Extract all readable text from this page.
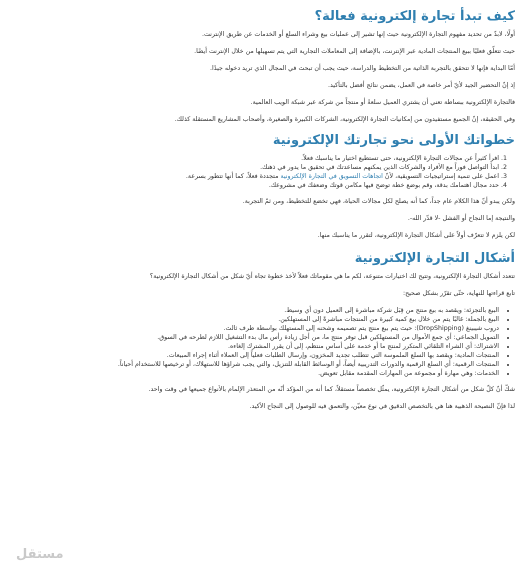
كيف تبدأ تجارة إلكترونية فعالة؟

أولًا، لابدّ من تحديد مفهوم التجارة الإلكترونية حيث إنها تشير إلى عمليات بيع وشراء السلع أو الخدمات عن طريق الإنترنت.

حيث تتعلّق فعليًا ببيع المنتجات المادية عبر الإنترنت، بالإضافة إلى المعاملات التجارية التي يتم تسهيلها من خلال الإنترنت أيضًا.

أمّا البداية فإنها لا تتحقق بالتجربة الذاتية من التخطيط والدراسة، حيث يجب أن تبحث في المجال الذي تريد دخوله جيدًا.

إذ إنّ التحضير الجيد لأيّ أمر خاصة في العمل، يضمن نتائج أفضل بالتأكيد.

فالتجارة الإلكترونية ببساطة تعني أن يشتري العميل سلعةً أو منتجاً من شركة عبر شبكة الويب العالمية.

وفي الحقيقة، إنّ الجميع مستفيدون من إمكانيات التجارة الإلكترونية، الشركات الكبيرة والصغيرة، وأصحاب المشاريع المستقلة كذلك.

خطواتك الأولى نحو تجارتك الإلكترونية
1. افرأ كثيراً عن مجالات التجارة الإلكترونية، حتى تستطيع اختيار ما يناسبك فعلاً.
2. ابدأ التواصل فوراً مع الأفراد والشركات الذين يمكنهم مساعدتك في تحقيق ما يدور في ذهنك.
3. اعمل على تنمية إستراتيجيات التسويقية، لأنّ اتجاهات التسويق في التجارة الإلكترونية متجددة فعلاً، كما أنها تتطور بسرعة.
4. حدد مجال اهتمامك بدقة، وقم بوضع خطة توضح فيها مكامن قوتك وضعفك في مشروعك.

ولكن يبدو أنّ هذا الكلام عام جداً، كما أنه يصلح لكل مجالات الحياة، فهي تخضع للتخطيط، ومن ثمّ التجربة.

والنتيجة إما النجاح أو الفشل -لا قدّر الله-.

لكن يلزم لا تتعرّف أولاً على أشكال التجارة الإلكترونية، لتقرر ما يناسبك منها.

أشكال التجارة الإلكترونية

تتعدد أشكال التجارة الإلكترونية، وتتيح لك اختيارات متنوعة، لكم ما هي مقوماتك فعلاً لأخذ خطوة تجاه أيّ شكل من أشكال التجارة الإلكترونية؟

تابع قراءتها للنهاية، حتّى تقرّر بشكل صحيح:

• البيع بالتجزئة: ويقصد به بيع منتج من قِبَل شركة مباشرة إلى العميل دون أي وسيط.
• البيع بالجملة: غالبًا يتم من خلال بيع كمية كبيرة من المنتجات مباشرةً إلى المستهلكين.
• دروب شيبينغ (DropShipping): حيث يتم بيع منتج يتم تصميمه وشحنه إلى المستهلك بواسطة طرف ثالث.
• التمويل الجماعي: أي جمع الأموال من المستهلكين قبل توفر منتج ما، من أجل زيادة رأس مال بدء التشغيل اللازم لطرحه في السوق.
• الاشتراك: أي الشراء التلقائي المتكرر لمنتج ما أو خدمة على أساس منتظم، إلى أن يقرر المشترك إلغاءه.
• المنتجات المادية: ويقصد بها السلع الملموسة التي تتطلب تجديد المخزون، وإرسال الطلبات فعلياً إلى العملاء أثناء إجراء المبيعات.
• المنتجات الرقمية: أي السلع الرقمية والدورات التدريبية أيضاً، أو الوسائط القابلة للتنزيل، والتي يجب شراؤها للاستهلاك، أو ترخيصها للاستخدام أحياناً.
• الخدمات: وهي مهارة أو مجموعة من المهارات المقدمة مقابل تعويض.

شكّ أنّ كلّ شكل من أشكال التجارة الإلكترونية، يمثّل تخصصاً مستقلاً، كما أنه من المؤكد أنّه من المتعذر الإلمام بالأنواع جميعها في وقت واحد.

لذا فإنّ النصيحة الذهبية هنا هي بالتخصص الدقيق في نوع معيّن، والتعمق فيه للوصول إلى النجاح الأكيد.

مستقل
